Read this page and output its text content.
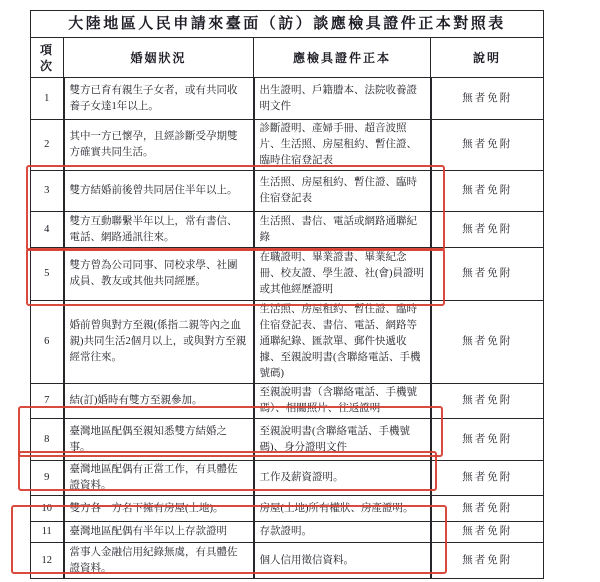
大陸地區人民申請來臺面（訪）談應檢具證件正本對照表			
項次	婚姻狀況	應檢具證件正本	說明
1	雙方已育有親生子女者，或有共同收養子女達1年以上。	出生證明、戶籍謄本、法院收養證明文件	無者免附
2	其中一方已懷孕，且經診斷受孕期雙方確實共同生活。	診斷證明、產婦手冊、超音波照片、生活照、房屋租約、暫住證、臨時住宿登記表	無者免附
3	雙方結婚前後曾共同居住半年以上。	生活照、房屋租約、暫住證、臨時住宿登記表	無者免附
4	雙方互動聯繫半年以上，常有書信、電話、網路通訊往來。	生活照、書信、電話或網路通聯紀錄	無者免附
5	雙方曾為公司同事、同校求學、社團成員、教友或其他共同經歷。	在職證明、畢業證書、畢業紀念冊、校友證、學生證、社(會)員證明或其他經歷證明	無者免附
6	婚前曾與對方至親(係指二親等內之血親)共同生活2個月以上，或與對方至親經常往來。	生活照、房屋租約、暫住證、臨時住宿登記表、書信、電話、網路等通聯紀錄、匯款單、郵件快遞收據、至親說明書(含聯絡電話、手機號碼)	無者免附
7	結(訂)婚時有雙方至親參加。	至親說明書（含聯絡電話、手機號碼）、相關照片、往返證明	無者免附
8	臺灣地區配偶至親知悉雙方結婚之事。	至親說明書(含聯絡電話、手機號碼)、身分證明文件	無者免附
9	臺灣地區配偶有正當工作，有具體佐證資料。	工作及薪資證明。	無者免附
10	雙方各一方名下擁有房屋(土地)。	房屋(土地)所有權狀、房產證明。	無者免附
11	臺灣地區配偶有半年以上存款證明	存款證明。	無者免附
12	當事人金融信用紀錄無虞，有具體佐證資料。	個人信用徵信資料。	無者免附
